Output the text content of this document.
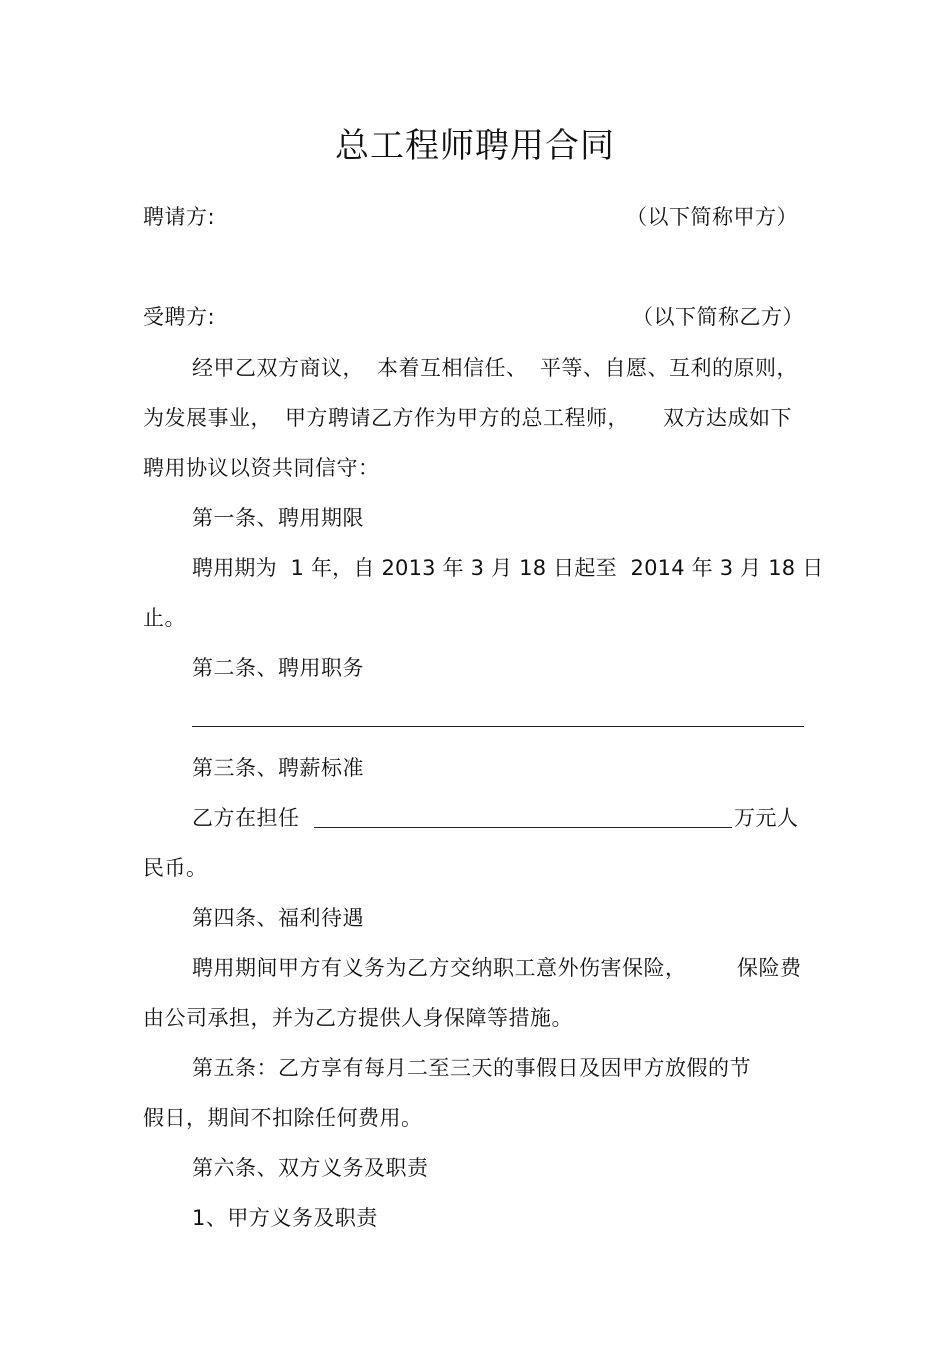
总工程师聘用合同
聘请方:	（以下简称甲方）
受聘方:	（以下简称乙方）
经甲乙双方商议， 本着互相信任、 平等、自愿、互利的原则，
为发展事业， 甲方聘请乙方作为甲方的总工程师， 双方达成如下
聘用协议以资共同信守：
第一条、聘用期限
聘用期为  1 年，自 2013 年 3 月 18 日起至  2014 年 3 月 18 日
止。
第二条、聘用职务
第三条、聘薪标准
乙方在担任	万元人
民币。
第四条、福利待遇
聘用期间甲方有义务为乙方交纳职工意外伤害保险， 保险费
由公司承担，并为乙方提供人身保障等措施。
第五条：乙方享有每月二至三天的事假日及因甲方放假的节
假日，期间不扣除任何费用。
第六条、双方义务及职责
1、甲方义务及职责
